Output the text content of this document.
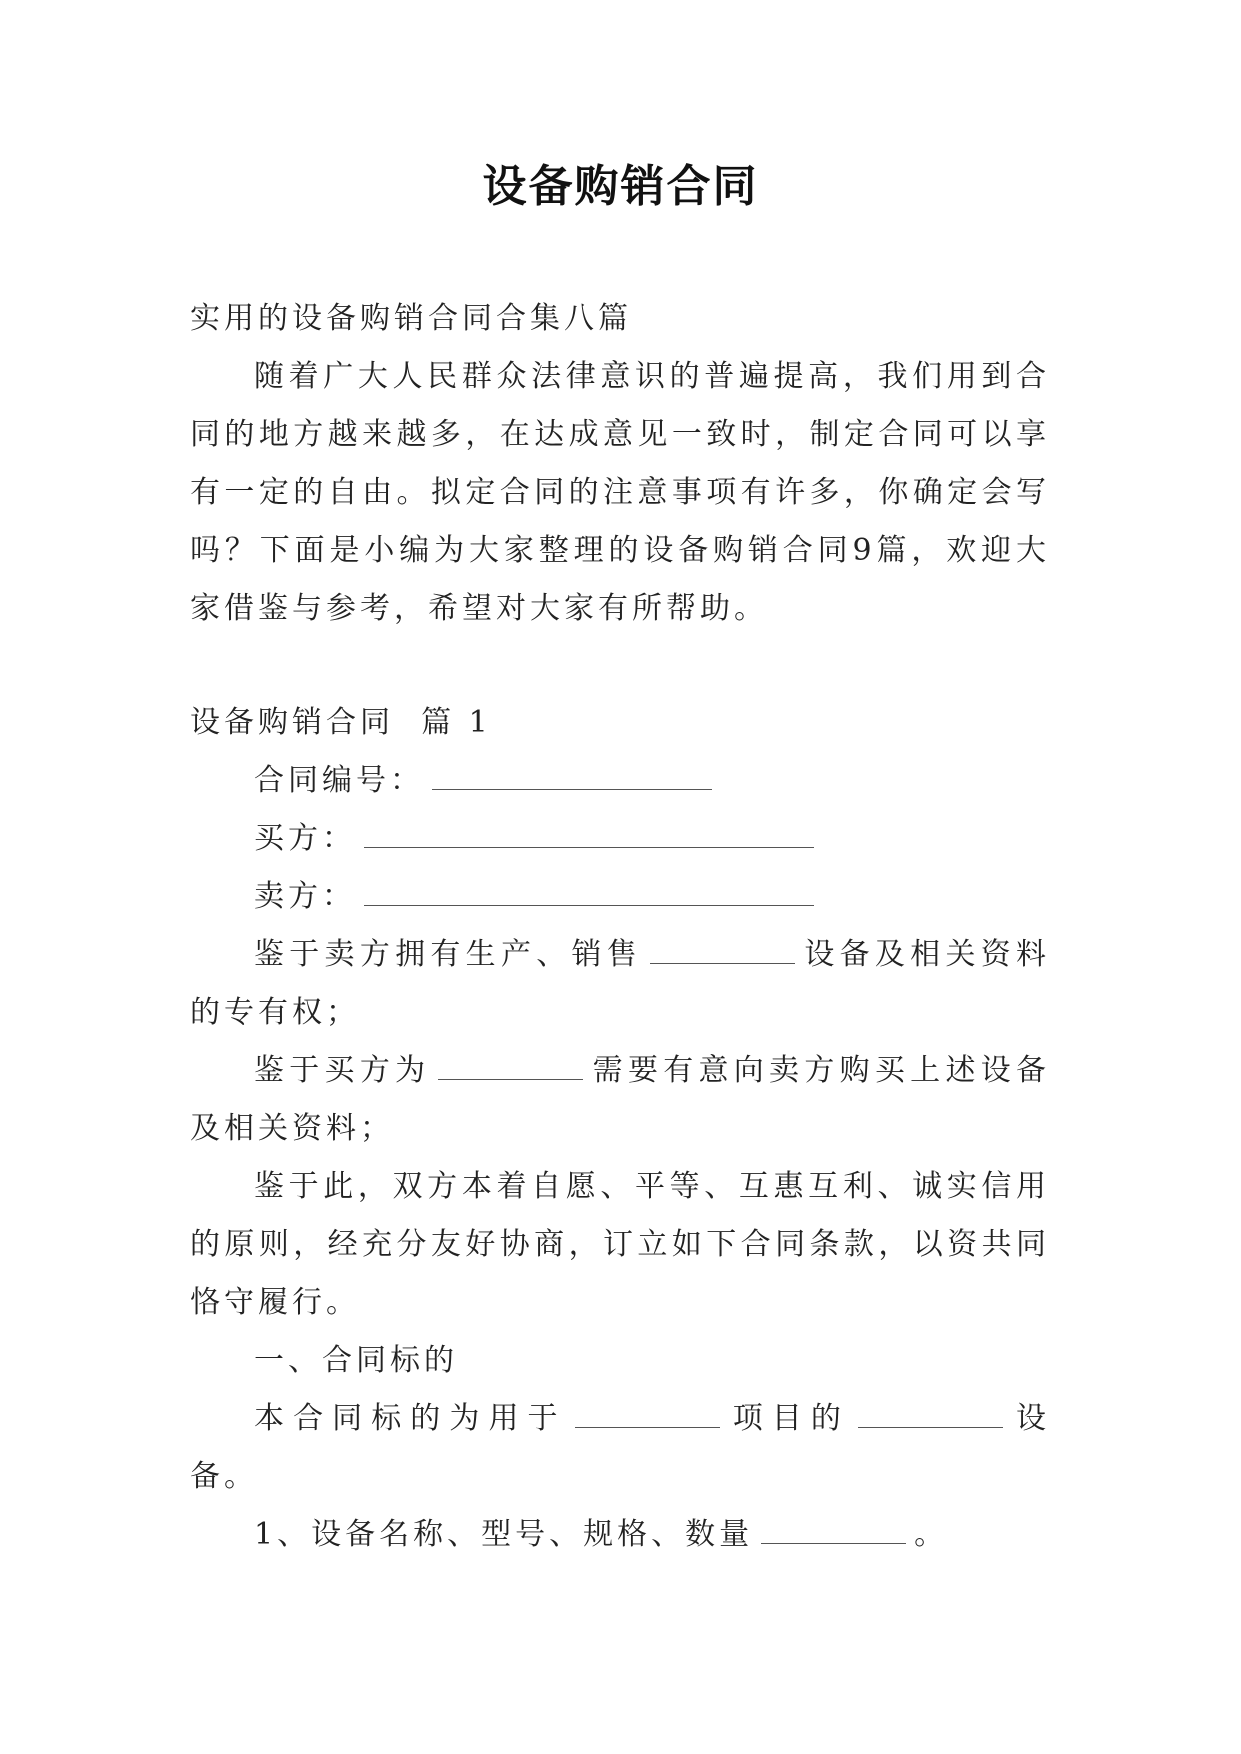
设备购销合同

实用的设备购销合同合集八篇

随着广大人民群众法律意识的普遍提高，我们用到合同的地方越来越多，在达成意见一致时，制定合同可以享有一定的自由。拟定合同的注意事项有许多，你确定会写吗？下面是小编为大家整理的设备购销合同9篇，欢迎大家借鉴与参考，希望对大家有所帮助。

设备购销合同  篇 1

合同编号：

买方：

卖方：

鉴于卖方拥有生产、销售	设备及相关资料的专有权；

鉴于买方为	需要有意向卖方购买上述设备及相关资料；

鉴于此，双方本着自愿、平等、互惠互利、诚实信用的原则，经充分友好协商，订立如下合同条款，以资共同恪守履行。

一、合同标的

本合同标的为用于	项目的	设备。

1、设备名称、型号、规格、数量	。
